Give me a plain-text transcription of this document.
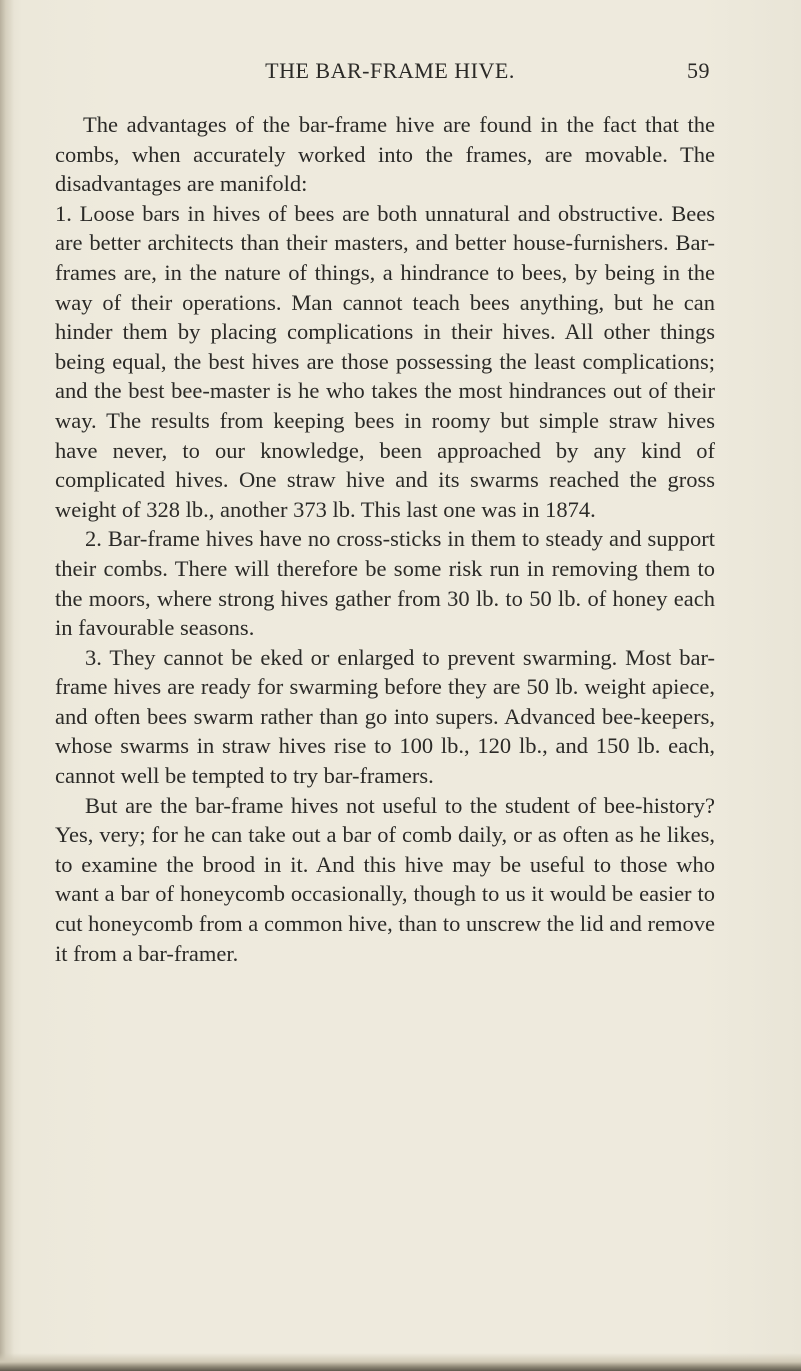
THE BAR-FRAME HIVE.	59

The advantages of the bar-frame hive are found in the fact that the combs, when accurately worked into the frames, are movable. The disadvantages are manifold:

1. Loose bars in hives of bees are both unnatural and obstructive. Bees are better architects than their masters, and better house-furnishers. Bar-frames are, in the nature of things, a hindrance to bees, by being in the way of their operations. Man cannot teach bees anything, but he can hinder them by placing complications in their hives. All other things being equal, the best hives are those possessing the least complications; and the best bee-master is he who takes the most hindrances out of their way. The results from keeping bees in roomy but simple straw hives have never, to our knowledge, been approached by any kind of complicated hives. One straw hive and its swarms reached the gross weight of 328 lb., another 373 lb. This last one was in 1874.

2. Bar-frame hives have no cross-sticks in them to steady and support their combs. There will therefore be some risk run in removing them to the moors, where strong hives gather from 30 lb. to 50 lb. of honey each in favourable seasons.

3. They cannot be eked or enlarged to prevent swarming. Most bar-frame hives are ready for swarming before they are 50 lb. weight apiece, and often bees swarm rather than go into supers. Advanced bee-keepers, whose swarms in straw hives rise to 100 lb., 120 lb., and 150 lb. each, cannot well be tempted to try bar-framers.

But are the bar-frame hives not useful to the student of bee-history? Yes, very; for he can take out a bar of comb daily, or as often as he likes, to examine the brood in it. And this hive may be useful to those who want a bar of honeycomb occasionally, though to us it would be easier to cut honeycomb from a common hive, than to unscrew the lid and remove it from a bar-framer.
